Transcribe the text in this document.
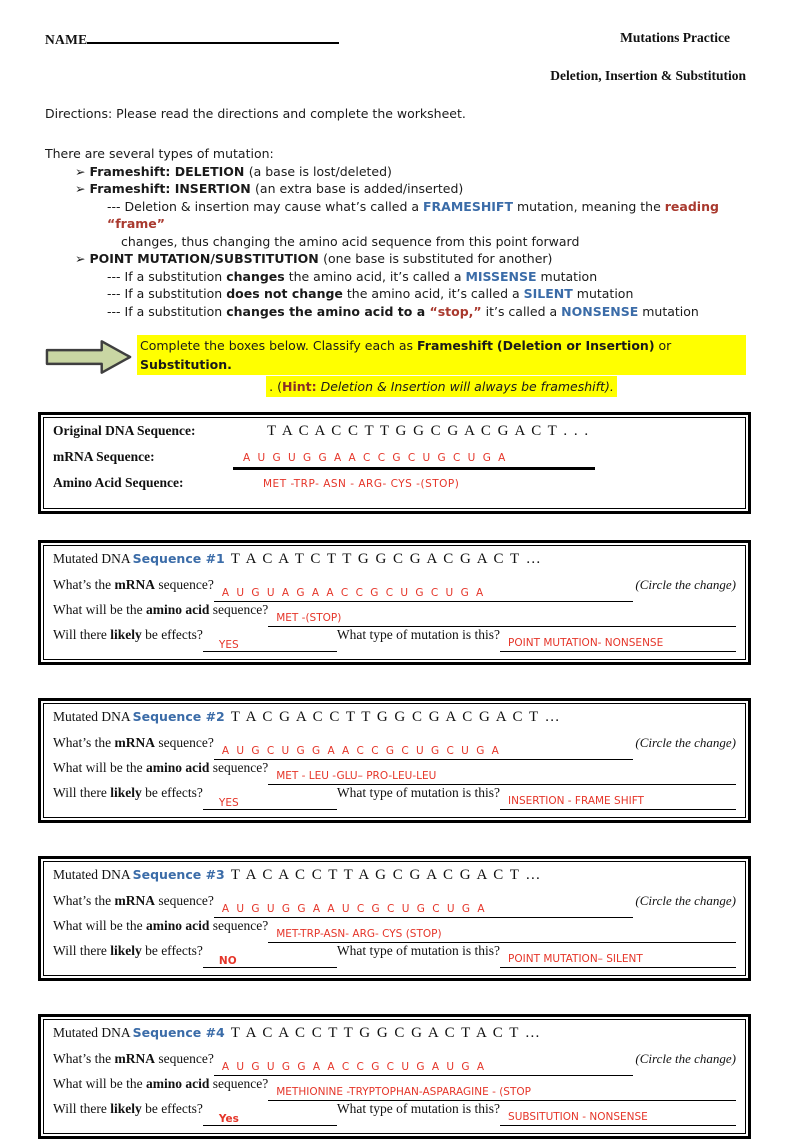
NAME	Mutations Practice
Deletion, Insertion & Substitution
Directions: Please read the directions and complete the worksheet.
There are several types of mutation:
➢ Frameshift: DELETION (a base is lost/deleted)
➢ Frameshift: INSERTION (an extra base is added/inserted)
--- Deletion & insertion may cause what’s called a FRAMESHIFT mutation, meaning the reading “frame”
changes, thus changing the amino acid sequence from this point forward
➢ POINT MUTATION/SUBSTITUTION (one base is substituted for another)
--- If a substitution changes the amino acid, it’s called a MISSENSE mutation
--- If a substitution does not change the amino acid, it’s called a SILENT mutation
--- If a substitution changes the amino acid to a “stop,” it’s called a NONSENSE mutation
Complete the boxes below. Classify each as Frameshift (Deletion or Insertion) or Substitution.
. (Hint: Deletion & Insertion will always be frameshift).
Original DNA Sequence:	T A C A C C T T G G C G A C G A C T . . .
mRNA Sequence:	A U G U G G A A C C G C U G C U G A
Amino Acid Sequence:	MET -TRP- ASN - ARG- CYS -(STOP)
Mutated DNA Sequence #1 T A C A T C T T G G C G A C G A C T …
What’s the mRNA sequence?
A U G U A G A A C C G C U G C U G A
(Circle the change)
What will be the amino acid sequence?
MET -(STOP)
Will there likely be effects?
YES
What type of mutation is this?
POINT MUTATION- NONSENSE
Mutated DNA Sequence #2 T A C G A C C T T G G C G A C G A C T …
What’s the mRNA sequence?
A U G C U G G A A C C G C U G C U G A
(Circle the change)
What will be the amino acid sequence?
MET - LEU -GLU– PRO-LEU-LEU
Will there likely be effects?
YES
What type of mutation is this?
INSERTION - FRAME SHIFT
Mutated DNA Sequence #3 T A C A C C T T A G C G A C G A C T …
What’s the mRNA sequence?
A U G U G G A A U C G C U G C U G A
(Circle the change)
What will be the amino acid sequence?
MET-TRP-ASN- ARG- CYS (STOP)
Will there likely be effects?
NO
What type of mutation is this?
POINT MUTATION– SILENT
Mutated DNA Sequence #4 T A C A C C T T G G C G A C T A C T …
What’s the mRNA sequence?
A U G U G G A A C C G C U G A U G A
(Circle the change)
What will be the amino acid sequence?
METHIONINE -TRYPTOPHAN-ASPARAGINE - (STOP
Will there likely be effects?
Yes
What type of mutation is this?
SUBSITUTION - NONSENSE
